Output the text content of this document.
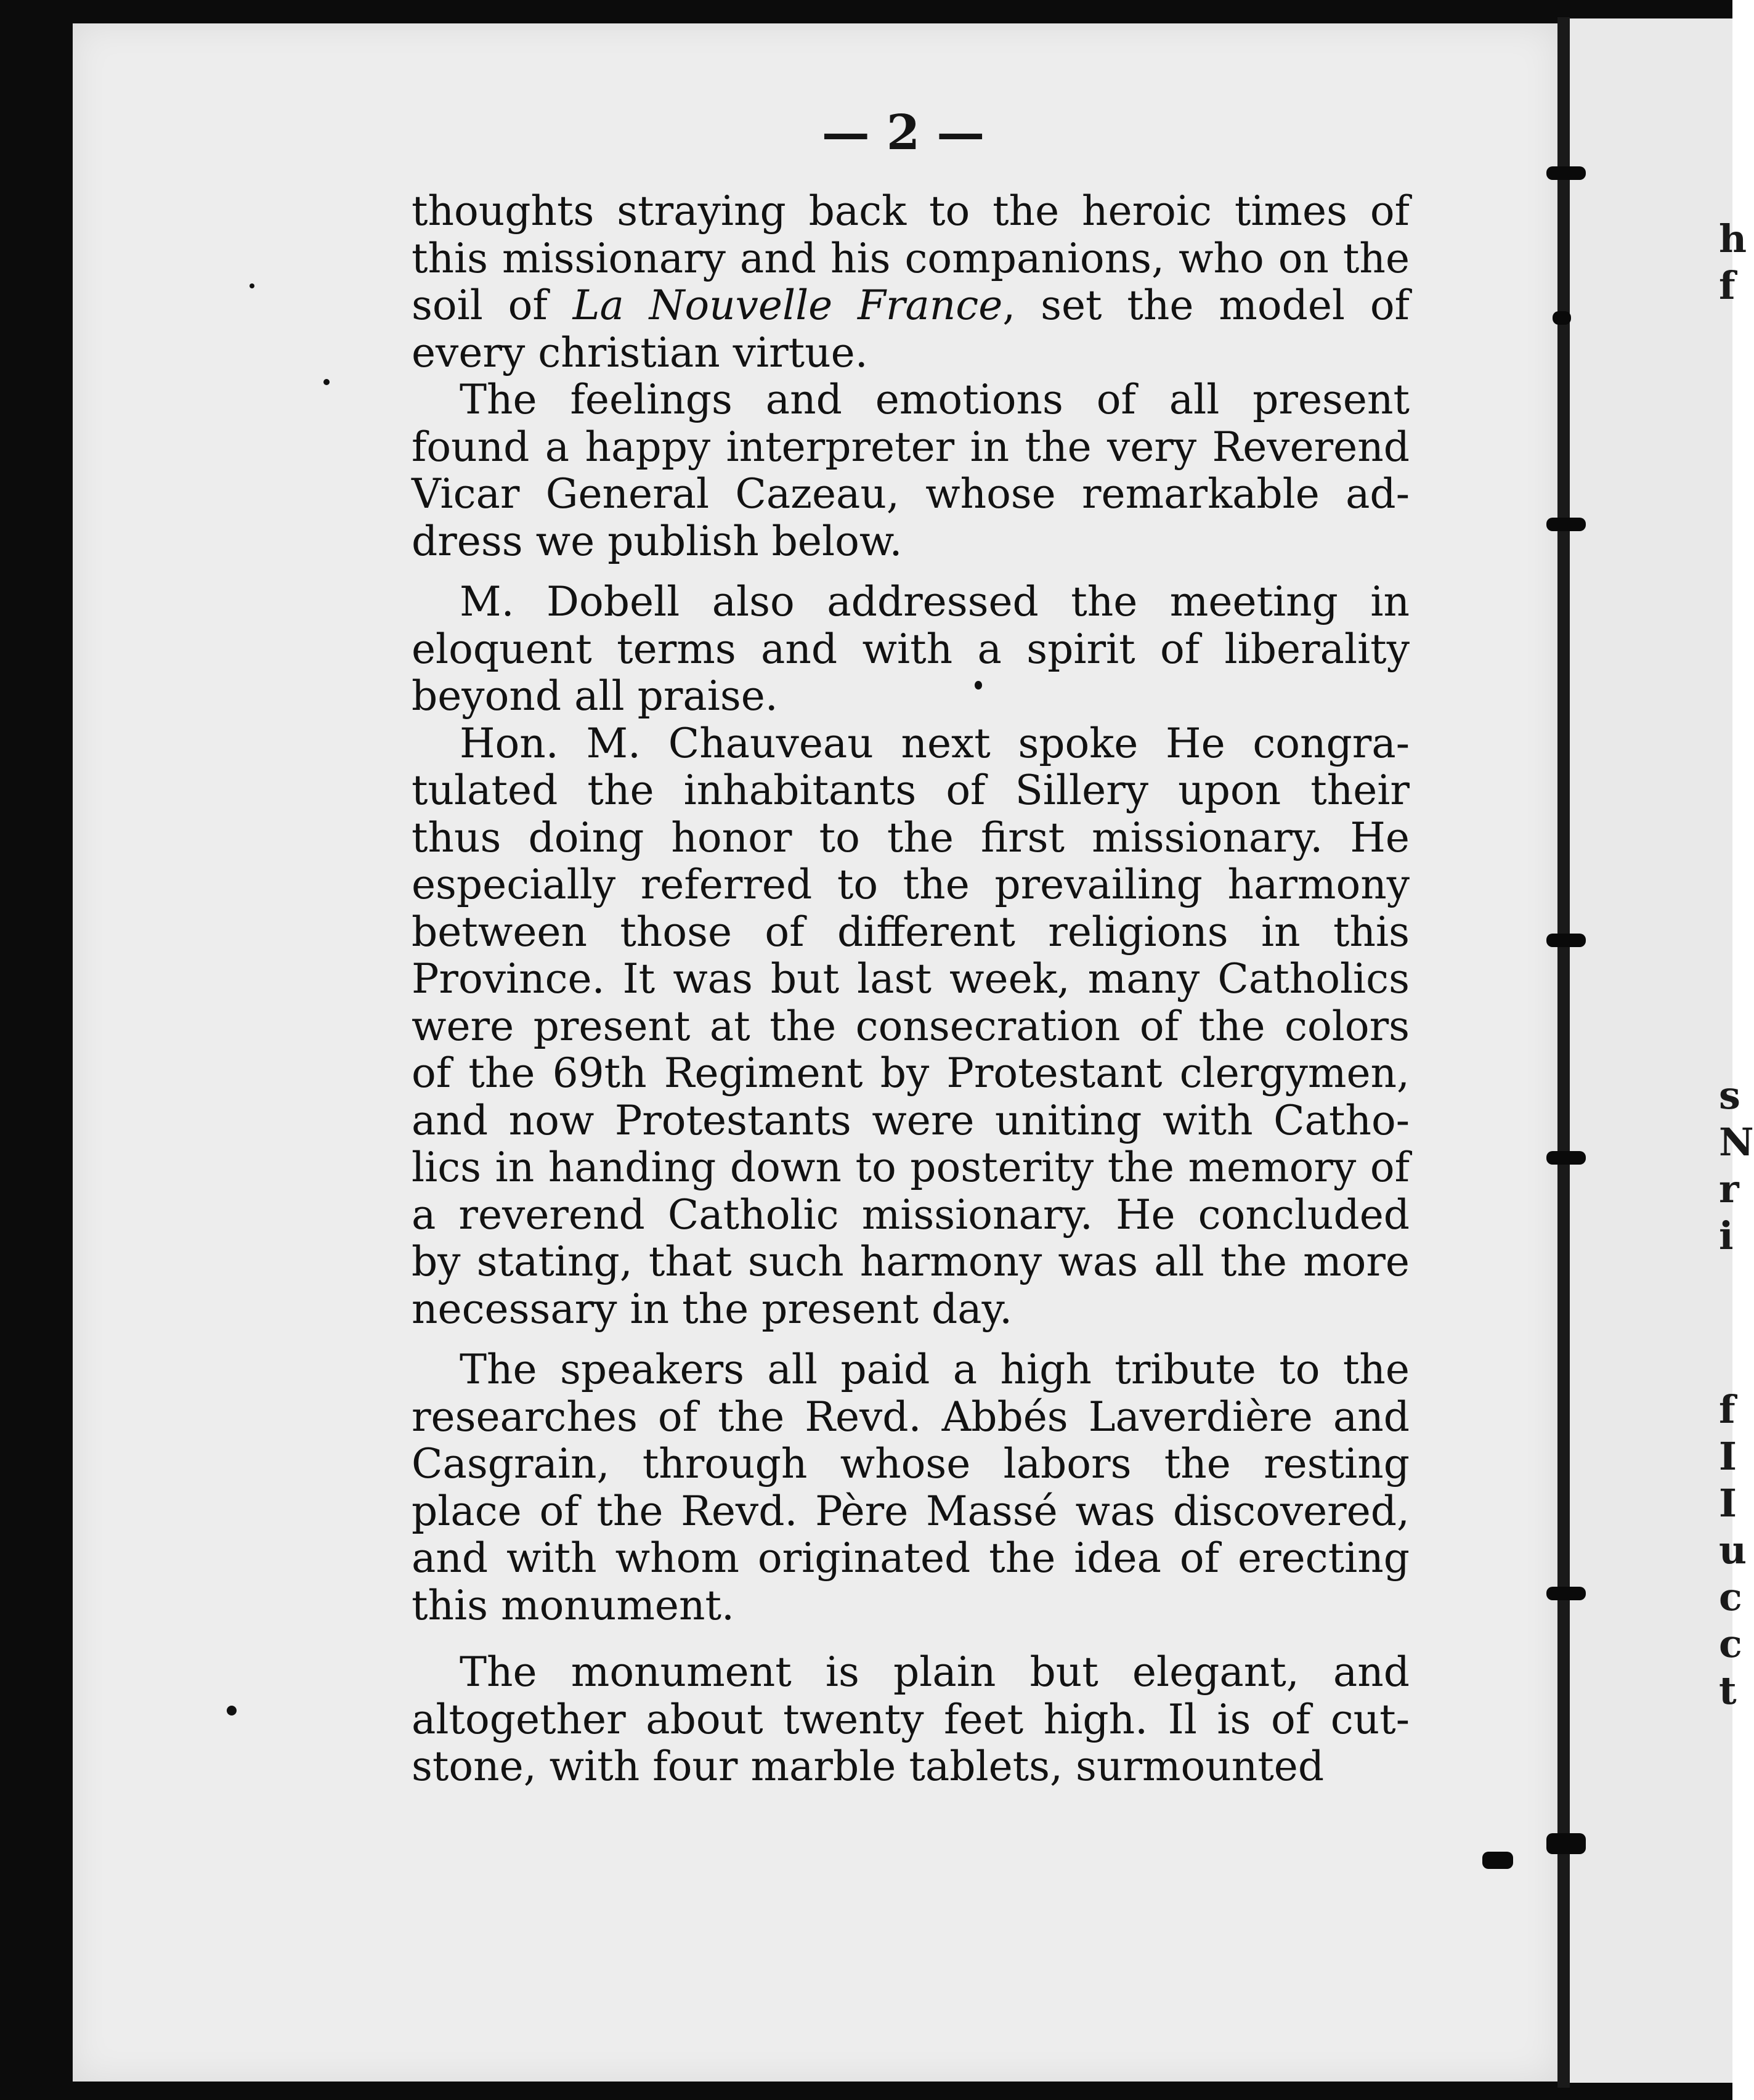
— 2 —

thoughts straying back to the heroic times of this missionary and his companions, who on the soil of La Nouvelle France, set the model of every christian virtue.

The feelings and emotions of all present found a happy interpreter in the very Reverend Vicar General Cazeau, whose remarkable address we publish below.

M. Dobell also addressed the meeting in eloquent terms and with a spirit of liberality beyond all praise.

Hon. M. Chauveau next spoke He congratulated the inhabitants of Sillery upon their thus doing honor to the first missionary. He especially referred to the prevailing harmony between those of different religions in this Province. It was but last week, many Catholics were present at the consecration of the colors of the 69th Regiment by Protestant clergymen, and now Protestants were uniting with Catholics in handing down to posterity the memory of a reverend Catholic missionary. He concluded by stating, that such harmony was all the more necessary in the present day.

The speakers all paid a high tribute to the researches of the Revd. Abbés Laverdière and Casgrain, through whose labors the resting place of the Revd. Père Massé was discovered, and with whom originated the idea of erecting this monument.

The monument is plain but elegant, and altogether about twenty feet high. Il is of cutstone, with four marble tablets, surmounted

h
f
s
N
r
i
f
I
I
u
c
c
t
